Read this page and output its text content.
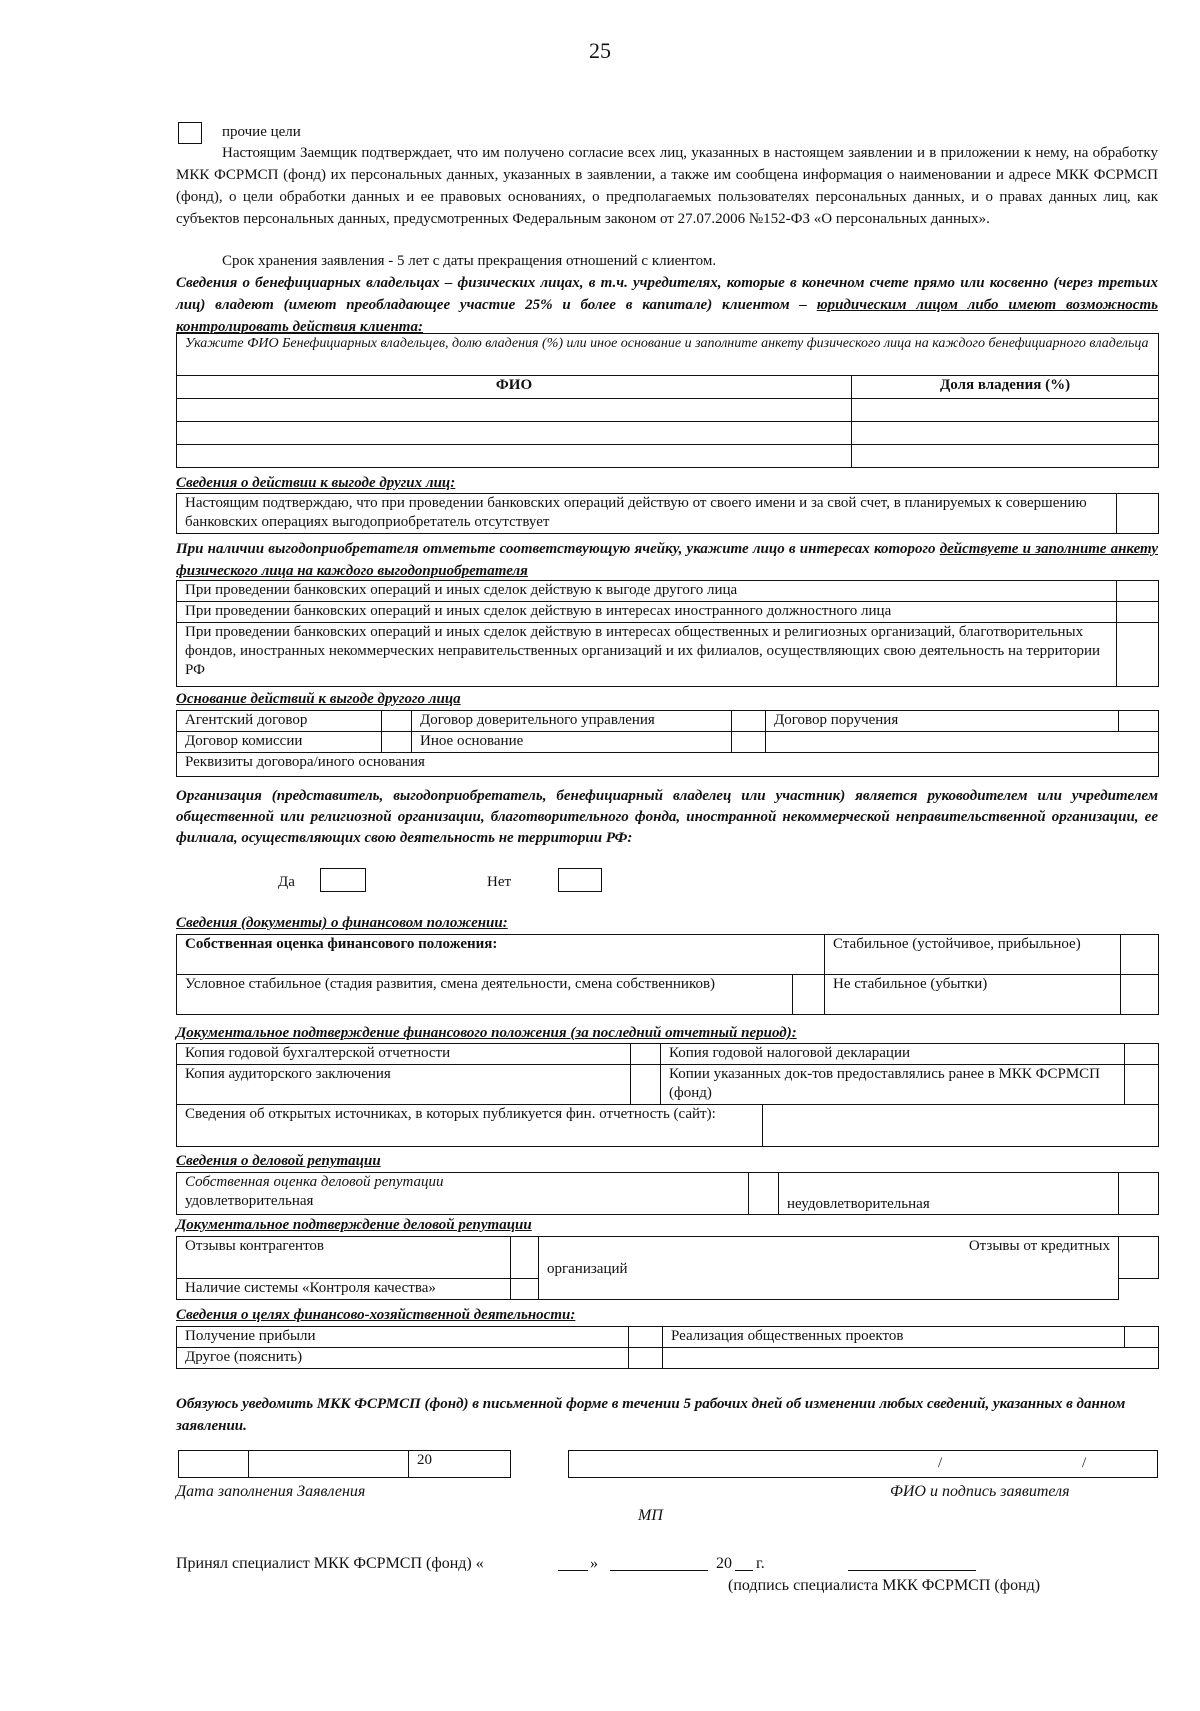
25
прочие цели
Настоящим Заемщик подтверждает, что им получено согласие всех лиц, указанных в настоящем заявлении и в приложении к нему, на обработку МКК ФСРМСП (фонд) их персональных данных, указанных в заявлении, а также им сообщена информация о наименовании и адресе МКК ФСРМСП (фонд), о цели обработки данных и ее правовых основаниях, о предполагаемых пользователях персональных данных, и о правах данных лиц, как субъектов персональных данных, предусмотренных Федеральным законом от 27.07.2006 №152-ФЗ «О персональных данных».
Срок хранения заявления - 5 лет с даты прекращения отношений с клиентом.
Сведения о бенефициарных владельцах – физических лицах, в т.ч. учредителях, которые в конечном счете прямо или косвенно (через третьих лиц) владеют (имеют преобладающее участие 25% и более в капитале) клиентом – юридическим лицом либо имеют возможность контролировать действия клиента:
Укажите ФИО Бенефициарных владельцев, долю владения (%) или иное основание и заполните анкету физического лица на каждого бенефициарного владельца	
ФИО	Доля владения (%)

Сведения о действии к выгоде других лиц:
Настоящим подтверждаю, что при проведении банковских операций действую от своего имени и за свой счет, в планируемых к совершению банковских операциях выгодоприобретатель отсутствует	
При наличии выгодоприобретателя отметьте соответствующую ячейку, укажите лицо в интересах которого действуете и заполните анкету физического лица на каждого выгодоприобретателя
При проведении банковских операций и иных сделок действую к выгоде другого лица	
При проведении банковских операций и иных сделок действую в интересах иностранного должностного лица	
При проведении банковских операций и иных сделок действую в интересах общественных и религиозных организаций, благотворительных фондов, иностранных некоммерческих неправительственных организаций и их филиалов, осуществляющих свою деятельность на территории РФ	
Основание действий к выгоде другого лица
Агентский договор		Договор доверительного управления		Договор поручения	
Договор комиссии		Иное основание			
Реквизиты договора/иного основания					
Организация (представитель, выгодоприобретатель, бенефициарный владелец или участник) является руководителем или учредителем общественной или религиозной организации, благотворительного фонда, иностранной некоммерческой неправительственной организации, ее филиала, осуществляющих свою деятельность не территории РФ:
Да	Нет
Сведения (документы) о финансовом положении:
Собственная оценка финансового положения:		Стабильное (устойчивое, прибыльное)	
Условное стабильное (стадия развития, смена деятельности, смена собственников)		Не стабильное (убытки)	
Документальное подтверждение финансового положения (за последний отчетный период):
Копия годовой бухгалтерской отчетности		Копия годовой налоговой декларации		
Копия аудиторского заключения		Копии указанных док-тов предоставлялись ранее в МКК ФСРМСП (фонд)		
Сведения об открытых источниках, в которых публикуется фин. отчетность (сайт):				
Сведения о деловой репутации
Собственная оценка деловой репутации
удовлетворительная		неудовлетворительная	
Документальное подтверждение деловой репутации
Отзывы контрагентов		Отзывы от кредитных
организаций	

Наличие системы «Контроля качества»			
Сведения о целях финансово-хозяйственной деятельности:
Получение прибыли		Реализация общественных проектов	
Другое (пояснить)			
Обязуюсь уведомить МКК ФСРМСП (фонд) в письменной форме в течении 5 рабочих дней об изменении любых сведений, указанных в данном заявлении.
		20	/	/
Дата заполнения Заявления	ФИО и подпись заявителя
МП
Принял специалист МКК ФСРМСП (фонд) «	»	20 г.
(подпись специалиста МКК ФСРМСП (фонд)
